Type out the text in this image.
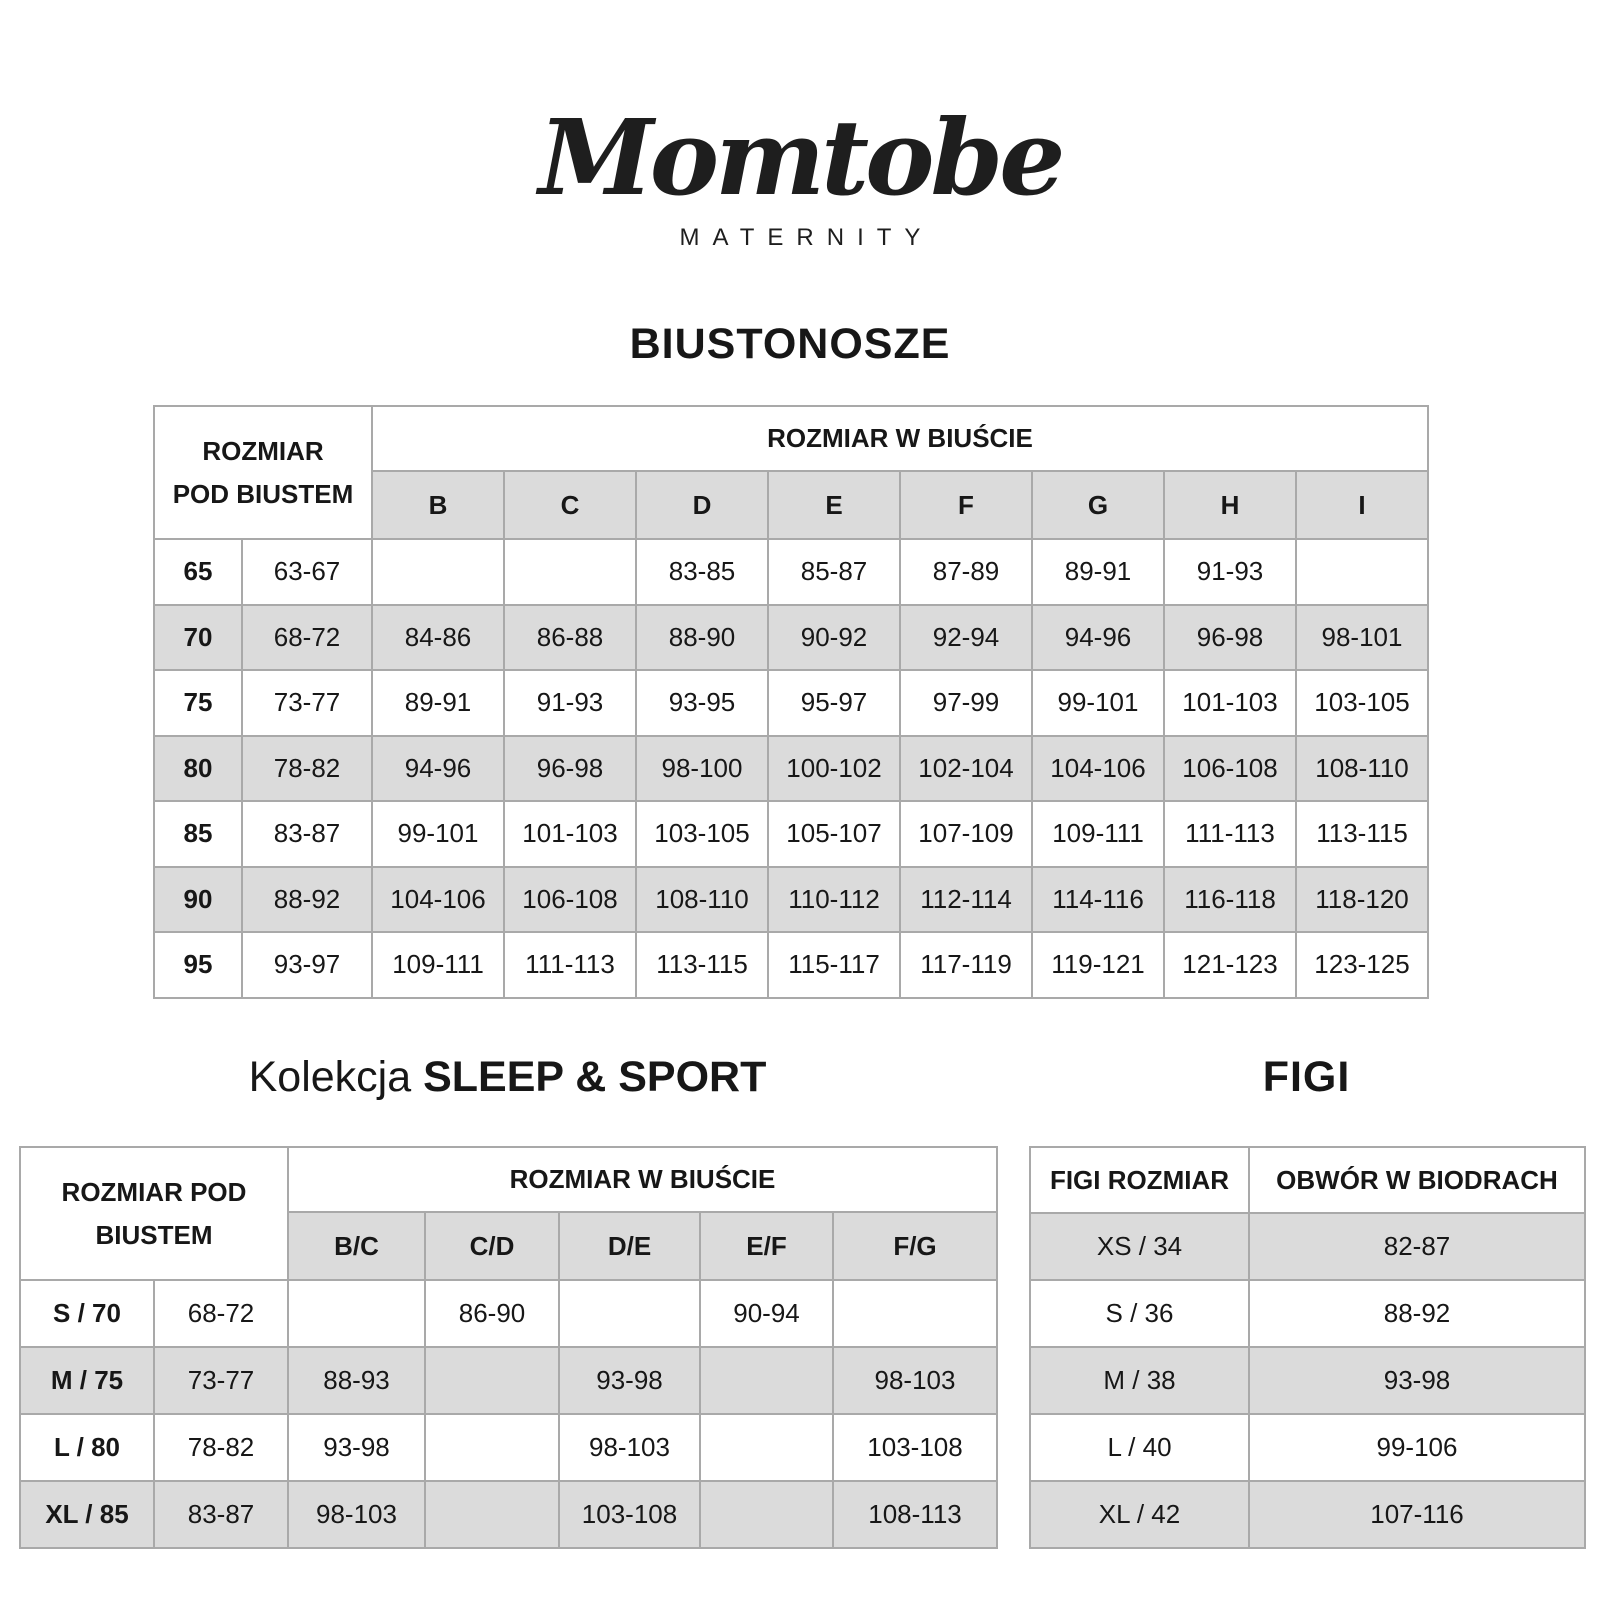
Momtobe
MATERNITY
BIUSTONOSZE
ROZMIAR
POD BIUSTEM		ROZMIAR W BIUŚCIE							
		B	C	D	E	F	G	H	I
65	63-67			83-85	85-87	87-89	89-91	91-93	
70	68-72	84-86	86-88	88-90	90-92	92-94	94-96	96-98	98-101
75	73-77	89-91	91-93	93-95	95-97	97-99	99-101	101-103	103-105
80	78-82	94-96	96-98	98-100	100-102	102-104	104-106	106-108	108-110
85	83-87	99-101	101-103	103-105	105-107	107-109	109-111	111-113	113-115
90	88-92	104-106	106-108	108-110	110-112	112-114	114-116	116-118	118-120
95	93-97	109-111	111-113	113-115	115-117	117-119	119-121	121-123	123-125
Kolekcja SLEEP & SPORT
ROZMIAR POD
BIUSTEM		ROZMIAR W BIUŚCIE				
		B/C	C/D	D/E	E/F	F/G
S / 70	68-72		86-90		90-94	
M / 75	73-77	88-93		93-98		98-103
L / 80	78-82	93-98		98-103		103-108
XL / 85	83-87	98-103		103-108		108-113
FIGI
FIGI ROZMIAR	OBWÓR W BIODRACH
XS / 34	82-87
S / 36	88-92
M / 38	93-98
L / 40	99-106
XL / 42	107-116
